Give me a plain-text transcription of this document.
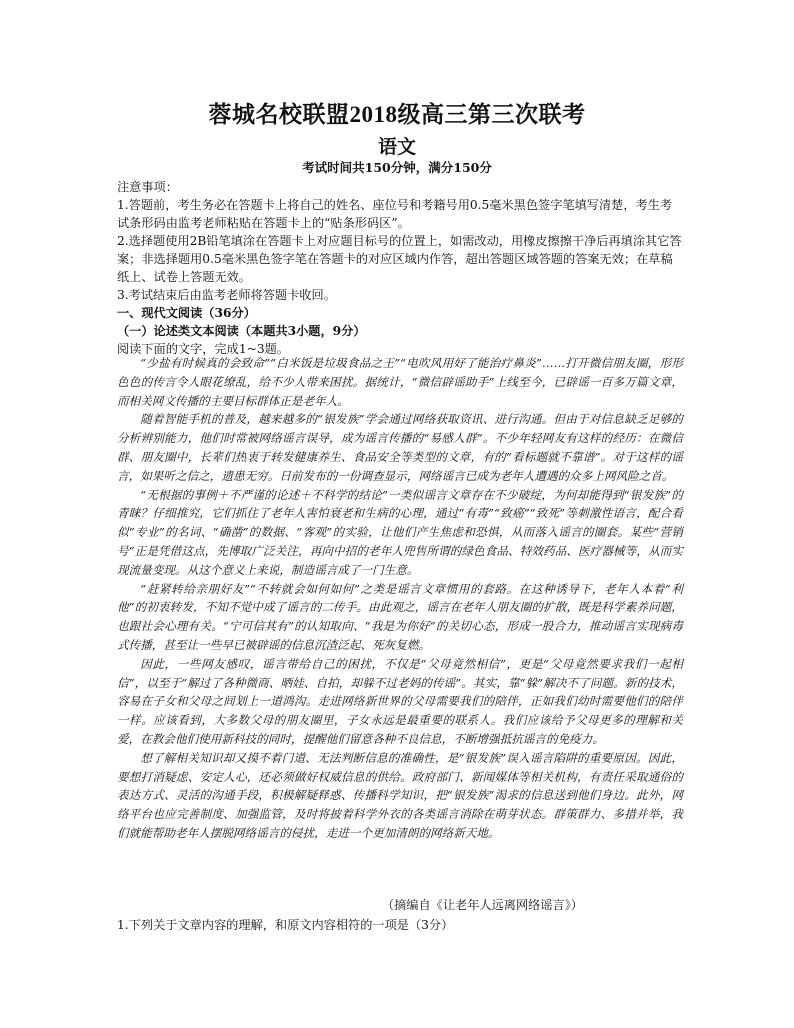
蓉城名校联盟2018级高三第三次联考
语文
考试时间共150分钟，满分150分

注意事项：

1.答题前，考生务必在答题卡上将自己的姓名、座位号和考籍号用0.5毫米黑色签字笔填写清楚，考生考试条形码由监考老师粘贴在答题卡上的“贴条形码区”。

2.选择题使用2B铅笔填涂在答题卡上对应题目标号的位置上，如需改动，用橡皮擦擦干净后再填涂其它答案；非选择题用0.5毫米黑色签字笔在答题卡的对应区域内作答，超出答题区域答题的答案无效；在草稿纸上、试卷上答题无效。

3.考试结束后由监考老师将答题卡收回。

一、现代文阅读（36分）

（一）论述类文本阅读（本题共3小题，9分）

阅读下面的文字，完成1~3题。

“少盐有时候真的会致命”“白米饭是垃圾食品之王”“电吹风用好了能治疗鼻炎”……打开微信朋友圈，形形色色的传言令人眼花缭乱，给不少人带来困扰。据统计，“微信辟谣助手”上线至今，已辟谣一百多万篇文章，而相关网文传播的主要目标群体正是老年人。

随着智能手机的普及，越来越多的“银发族”学会通过网络获取资讯、进行沟通。但由于对信息缺乏足够的分析辨别能力，他们时常被网络谣言误导，成为谣言传播的“易感人群”。不少年轻网友有这样的经历：在微信群、朋友圈中，长辈们热衷于转发健康养生、食品安全等类型的文章，有的“看标题就不靠谱”。对于这样的谣言，如果听之信之，遗患无穷。日前发布的一份调查显示，网络谣言已成为老年人遭遇的众多上网风险之首。

“无根据的事例＋不严谨的论述＋不科学的结论”一类似谣言文章存在不少破绽，为何却能得到“银发族”的青睐？仔细推究，它们抓住了老年人害怕衰老和生病的心理，通过“有毒”“致癌”“致死”等刺激性语言，配合看似“专业”的名词、“确凿”的数据、“客观”的实验，让他们产生焦虑和恐惧，从而落入谣言的圈套。某些“营销号”正是凭借这点，先博取广泛关注，再向中招的老年人兜售所谓的绿色食品、特效药品、医疗器械等，从而实现流量变现。从这个意义上来说，制造谣言成了一门生意。

“赶紧转给亲朋好友”“不转就会如何如何”之类是谣言文章惯用的套路。在这种诱导下，老年人本着“利他”的初衷转发，不知不觉中成了谣言的二传手。由此观之，谣言在老年人朋友圈的扩散，既是科学素养问题，也跟社会心理有关。“宁可信其有”的认知取向、“我是为你好”的关切心态，形成一股合力，推动谣言实现病毒式传播，甚至让一些早已被辟谣的信息沉渣泛起、死灰复燃。

因此，一些网友感叹，谣言带给自己的困扰，不仅是“父母竟然相信”，更是“父母竟然要求我们一起相信”，以至于“解过了各种微商、晒娃、自拍，却躲不过老妈的传谣”。其实，靠“躲”解决不了问题。新的技术，容易在子女和父母之间划上一道鸿沟。走进网络新世界的父母需要我们的陪伴，正如我们幼时需要他们的陪伴一样。应该看到，大多数父母的朋友圈里，子女永远是最重要的联系人。我们应该给予父母更多的理解和关爱，在教会他们使用新科技的同时，提醒他们留意各种不良信息，不断增强抵抗谣言的免疫力。

想了解相关知识却又摸不着门道、无法判断信息的准确性，是“银发族”误入谣言陷阱的重要原因。因此，要想打消疑虑、安定人心，还必须做好权威信息的供给。政府部门、新闻媒体等相关机构，有责任采取通俗的表达方式、灵活的沟通手段，积极解疑释惑、传播科学知识，把“银发族”渴求的信息送到他们身边。此外，网络平台也应完善制度、加强监管，及时将披着科学外衣的各类谣言消除在萌芽状态。群策群力、多措并举，我们就能帮助老年人摆脱网络谣言的侵扰，走进一个更加清朗的网络新天地。

（摘编自《让老年人远离网络谣言》）
1.下列关于文章内容的理解，和原文内容相符的一项是（3分）
